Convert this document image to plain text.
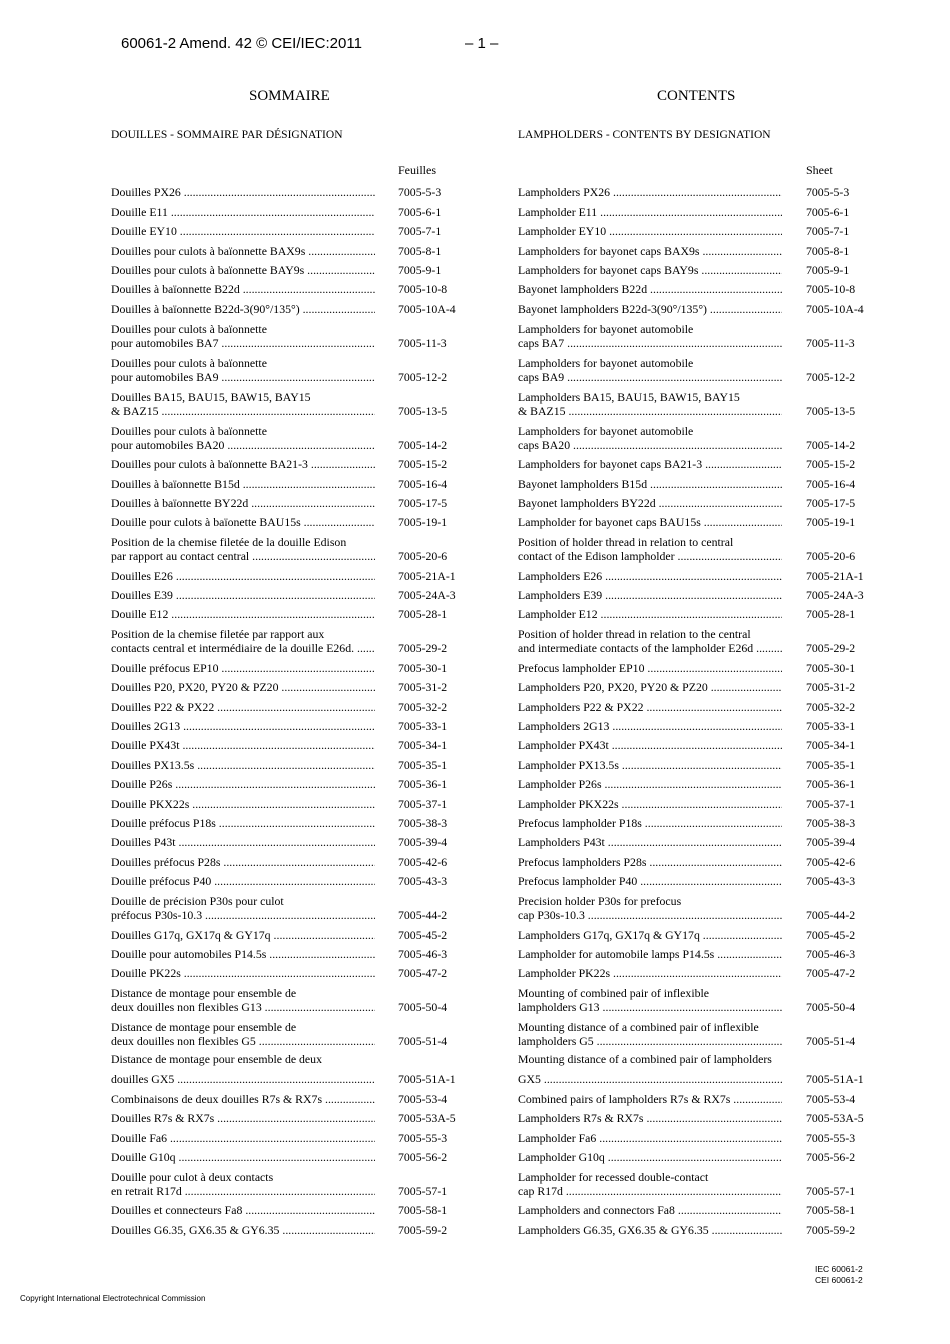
60061-2 Amend. 42 © CEI/IEC:2011	– 1 –
SOMMAIRE	CONTENTS
DOUILLES - SOMMAIRE PAR DÉSIGNATION	LAMPHOLDERS - CONTENTS BY DESIGNATION
Feuilles	Sheet
Douilles PX26 .....	7005-5-3
Douille E11 .....	7005-6-1
Douille EY10 .....	7005-7-1
Douilles pour culots à baïonnette BAX9s .....	7005-8-1
Douilles pour culots à baïonnette BAY9s .....	7005-9-1
Douilles à baïonnette B22d .....	7005-10-8
Douilles à baïonnette B22d-3(90°/135°) .....	7005-10A-4
Douilles pour culots à baïonnette
pour automobiles BA7 .....	7005-11-3
Douilles pour culots à baïonnette
pour automobiles BA9 .....	7005-12-2
Douilles BA15, BAU15, BAW15, BAY15
& BAZ15 .....	7005-13-5
Douilles pour culots à baïonnette
pour automobiles BA20 .....	7005-14-2
Douilles pour culots à baïonnette BA21-3 .....	7005-15-2
Douilles à baïonnette B15d .....	7005-16-4
Douilles à baïonnette BY22d .....	7005-17-5
Douille pour culots à baïonette BAU15s .....	7005-19-1
Position de la chemise filetée de la douille Edison
par rapport au contact central .....	7005-20-6
Douilles E26 .....	7005-21A-1
Douilles E39 .....	7005-24A-3
Douille E12 .....	7005-28-1
Position de la chemise filetée par rapport aux
contacts central et intermédiaire de la douille E26d. .....	7005-29-2
Douille préfocus EP10 .....	7005-30-1
Douilles P20, PX20, PY20 & PZ20 .....	7005-31-2
Douilles P22 & PX22 .....	7005-32-2
Douilles 2G13 .....	7005-33-1
Douille PX43t .....	7005-34-1
Douilles PX13.5s .....	7005-35-1
Douille P26s .....	7005-36-1
Douille PKX22s .....	7005-37-1
Douille préfocus P18s .....	7005-38-3
Douilles P43t .....	7005-39-4
Douilles préfocus P28s .....	7005-42-6
Douille préfocus P40 .....	7005-43-3
Douille de précision P30s pour culot
préfocus P30s-10.3 .....	7005-44-2
Douilles G17q, GX17q & GY17q .....	7005-45-2
Douille pour automobiles P14.5s .....	7005-46-3
Douille PK22s .....	7005-47-2
Distance de montage pour ensemble de
deux douilles non flexibles G13 .....	7005-50-4
Distance de montage pour ensemble de
deux douilles non flexibles G5 .....	7005-51-4
Distance de montage pour ensemble de deux
douilles GX5 .....	7005-51A-1
Combinaisons de deux douilles R7s & RX7s .....	7005-53-4
Douilles R7s & RX7s .....	7005-53A-5
Douille Fa6 .....	7005-55-3
Douille G10q .....	7005-56-2
Douille pour culot à deux contacts
en retrait R17d .....	7005-57-1
Douilles et connecteurs Fa8 .....	7005-58-1
Douilles G6.35, GX6.35 & GY6.35 .....	7005-59-2
Lampholders PX26 .....	7005-5-3
Lampholder E11 .....	7005-6-1
Lampholder EY10 .....	7005-7-1
Lampholders for bayonet caps BAX9s .....	7005-8-1
Lampholders for bayonet caps BAY9s .....	7005-9-1
Bayonet lampholders B22d .....	7005-10-8
Bayonet lampholders B22d-3(90°/135°) .....	7005-10A-4
Lampholders for bayonet automobile
caps BA7 .....	7005-11-3
Lampholders for bayonet automobile
caps BA9 .....	7005-12-2
Lampholders BA15, BAU15, BAW15, BAY15
& BAZ15 .....	7005-13-5
Lampholders for bayonet automobile
caps BA20 .....	7005-14-2
Lampholders for bayonet caps BA21-3 .....	7005-15-2
Bayonet lampholders B15d .....	7005-16-4
Bayonet lampholders BY22d .....	7005-17-5
Lampholder for bayonet caps BAU15s .....	7005-19-1
Position of holder thread in relation to central
contact of the Edison lampholder .....	7005-20-6
Lampholders E26 .....	7005-21A-1
Lampholders E39 .....	7005-24A-3
Lampholder E12 .....	7005-28-1
Position of holder thread in relation to the central
and intermediate contacts of the lampholder E26d .....	7005-29-2
Prefocus lampholder EP10 .....	7005-30-1
Lampholders P20, PX20, PY20 & PZ20 .....	7005-31-2
Lampholders P22 & PX22 .....	7005-32-2
Lampholders 2G13 .....	7005-33-1
Lampholder PX43t .....	7005-34-1
Lampholder PX13.5s .....	7005-35-1
Lampholder P26s .....	7005-36-1
Lampholder PKX22s .....	7005-37-1
Prefocus lampholder P18s .....	7005-38-3
Lampholders P43t .....	7005-39-4
Prefocus lampholders P28s .....	7005-42-6
Prefocus lampholder P40 .....	7005-43-3
Precision holder P30s for prefocus
cap P30s-10.3 .....	7005-44-2
Lampholders G17q, GX17q & GY17q .....	7005-45-2
Lampholder for automobile lamps P14.5s .....	7005-46-3
Lampholder PK22s .....	7005-47-2
Mounting of combined pair of inflexible
lampholders G13 .....	7005-50-4
Mounting distance of a combined pair of inflexible
lampholders G5 .....	7005-51-4
Mounting distance of a combined pair of lampholders
GX5 .....	7005-51A-1
Combined pairs of lampholders R7s & RX7s .....	7005-53-4
Lampholders R7s & RX7s .....	7005-53A-5
Lampholder Fa6 .....	7005-55-3
Lampholder G10q .....	7005-56-2
Lampholder for recessed double-contact
cap R17d .....	7005-57-1
Lampholders and connectors Fa8 .....	7005-58-1
Lampholders G6.35, GX6.35 & GY6.35 .....	7005-59-2
IEC 60061-2
CEI 60061-2
Copyright International Electrotechnical Commission
